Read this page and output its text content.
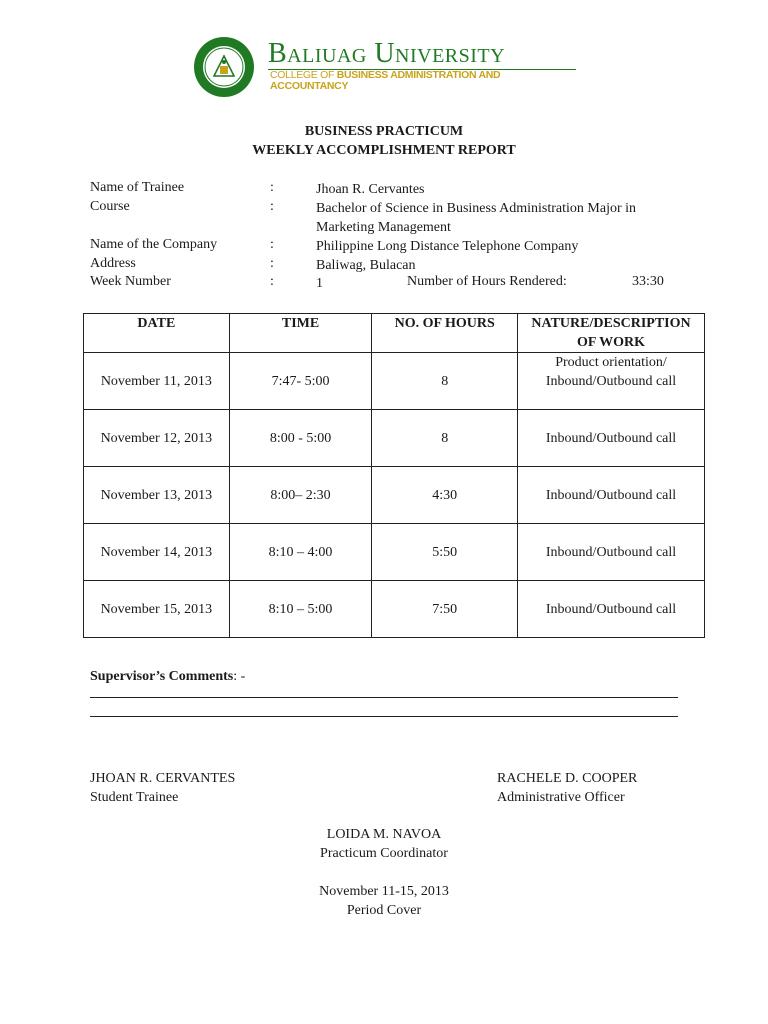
Baliuag University
COLLEGE OF BUSINESS ADMINISTRATION AND ACCOUNTANCY
BUSINESS PRACTICUM
WEEKLY ACCOMPLISHMENT REPORT
Name of Trainee	:	Jhoan R. Cervantes
Course	:	Bachelor of Science in Business Administration Major in Marketing Management
Name of the Company	:	Philippine Long Distance Telephone Company
Address	:	Baliwag, Bulacan
Week Number	:	1	Number of Hours Rendered:	33:30
DATE	TIME	NO. OF HOURS	NATURE/DESCRIPTION OF WORK
November 11, 2013	7:47- 5:00	8	Product orientation/
Inbound/Outbound call

November 12, 2013	8:00 - 5:00	8	Inbound/Outbound call
November 13, 2013	8:00– 2:30	4:30	Inbound/Outbound call
November 14, 2013	8:10 – 4:00	5:50	Inbound/Outbound call
November 15, 2013	8:10 – 5:00	7:50	Inbound/Outbound call
Supervisor’s Comments: -
JHOAN R. CERVANTES
Student Trainee
RACHELE D. COOPER
Administrative Officer
LOIDA M. NAVOA
Practicum Coordinator
November 11-15, 2013
Period Cover
